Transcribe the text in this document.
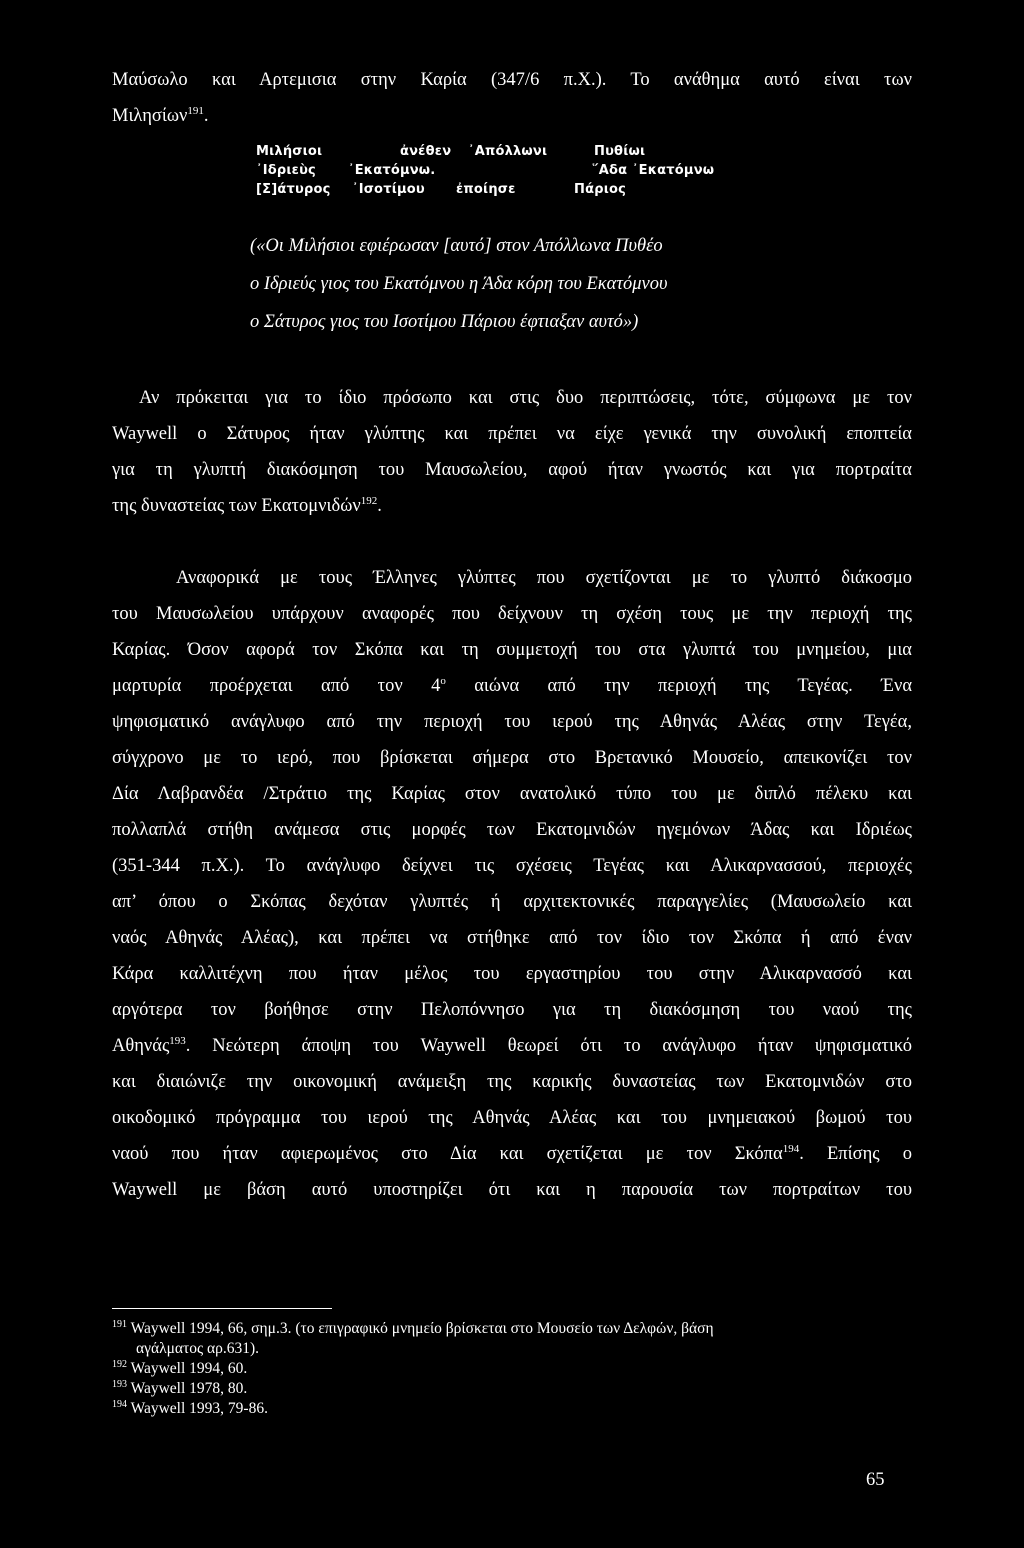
Μαύσωλο και Αρτεμισια στην Καρία (347/6 π.Χ.). Το ανάθημα αυτό είναι των
Μιλησίων$^{191}$.
Μιλήσιοι	ἀνέθεν ᾽Απόλλωνι	Πυθίωι
᾽Ιδριεὺς ᾽Εκατόμνω.	῞Αδα ᾽Εκατόμνω
[Σ]άτυρος ᾽Ισοτίμου ἐποίησε	Πάριος
(«Οι Μιλήσιοι εφιέρωσαν [αυτό] στον Απόλλωνα Πυθέο
ο Ιδριεύς γιος του Εκατόμνου η Άδα κόρη του Εκατόμνου
ο Σάτυρος γιος του Ισοτίμου Πάριου έφτιαξαν αυτό»)
Αν πρόκειται για το ίδιο πρόσωπο και στις δυο περιπτώσεις, τότε, σύμφωνα με τον
Waywell ο Σάτυρος ήταν γλύπτης και πρέπει να είχε γενικά την συνολική εποπτεία
για τη γλυπτή διακόσμηση του Μαυσωλείου, αφού ήταν γνωστός και για πορτραίτα
της δυναστείας των Εκατομνιδών$^{192}$.
Αναφορικά με τους Έλληνες γλύπτες που σχετίζονται με το γλυπτό διάκοσμο
του Μαυσωλείου υπάρχουν αναφορές που δείχνουν τη σχέση τους με την περιοχή της
Καρίας. Όσον αφορά τον Σκόπα και τη συμμετοχή του στα γλυπτά του μνημείου, μια
μαρτυρία προέρχεται από τον $4^o$ αιώνα από την περιοχή της Τεγέας. Ένα
ψηφισματικό ανάγλυφο από την περιοχή του ιερού της Αθηνάς Αλέας στην Τεγέα,
σύγχρονο με το ιερό, που βρίσκεται σήμερα στο Βρετανικό Μουσείο, απεικονίζει τον
Δία Λαβρανδέα /Στράτιο της Καρίας στον ανατολικό τύπο του με διπλό πέλεκυ και
πολλαπλά στήθη ανάμεσα στις μορφές των Εκατομνιδών ηγεμόνων Άδας και Ιδριέως
(351-344 π.Χ.). Το ανάγλυφο δείχνει τις σχέσεις Τεγέας και Αλικαρνασσού, περιοχές
απ’ όπου ο Σκόπας δεχόταν γλυπτές ή αρχιτεκτονικές παραγγελίες (Μαυσωλείο και
ναός Αθηνάς Αλέας), και πρέπει να στήθηκε από τον ίδιο τον Σκόπα ή από έναν
Κάρα καλλιτέχνη που ήταν μέλος του εργαστηρίου του στην Αλικαρνασσό και
αργότερα τον βοήθησε στην Πελοπόννησο για τη διακόσμηση του ναού της
Αθηνάς$^{193}$. Νεώτερη άποψη του Waywell θεωρεί ότι το ανάγλυφο ήταν ψηφισματικό
και διαιώνιζε την οικονομική ανάμειξη της καρικής δυναστείας των Εκατομνιδών στο
οικοδομικό πρόγραμμα του ιερού της Αθηνάς Αλέας και του μνημειακού βωμού του
ναού που ήταν αφιερωμένος στο Δία και σχετίζεται με τον Σκόπα$^{194}$. Επίσης ο
Waywell με βάση αυτό υποστηρίζει ότι και η παρουσία των πορτραίτων του
$^{191}$ Waywell 1994, 66, σημ.3. (το επιγραφικό μνημείο βρίσκεται στο Μουσείο των Δελφών, βάση
αγάλματος αρ.631).
$^{192}$ Waywell 1994, 60.
$^{193}$ Waywell 1978, 80.
$^{194}$ Waywell 1993, 79-86.
65
